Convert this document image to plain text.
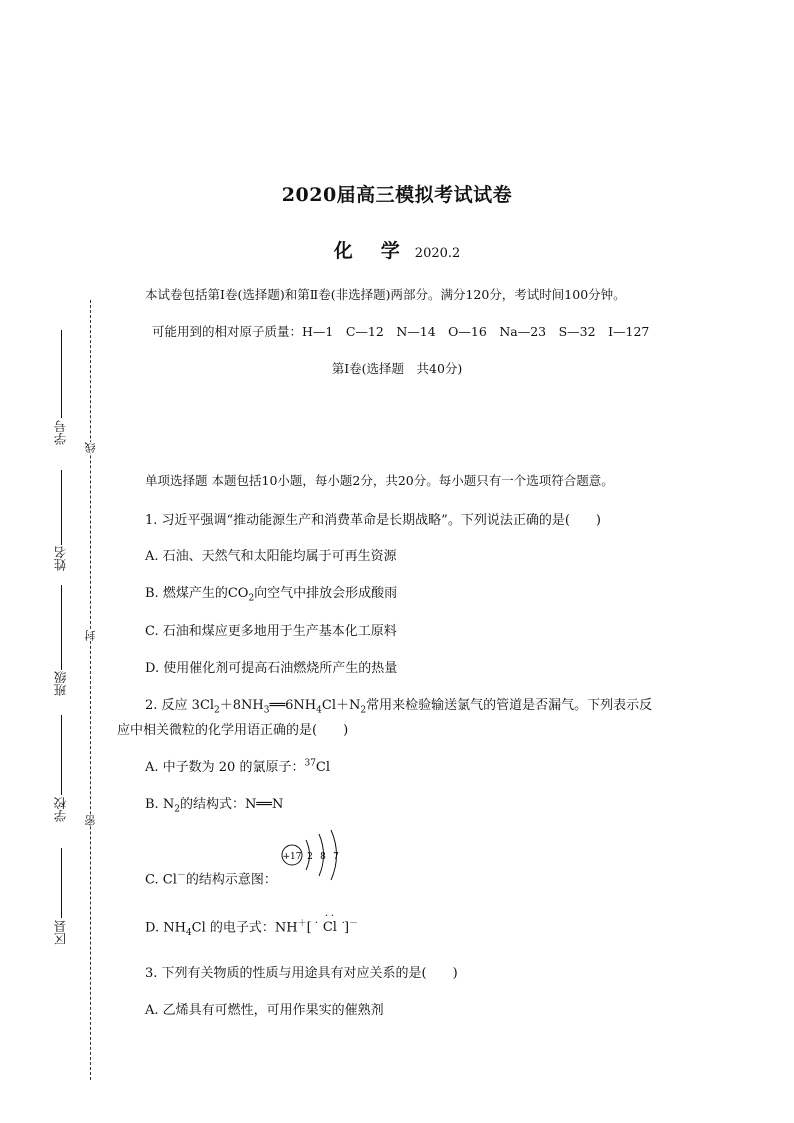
2020届高三模拟考试试卷
化学 2020.2
本试卷包括第Ⅰ卷(选择题)和第Ⅱ卷(非选择题)两部分。满分120分，考试时间100分钟。
可能用到的相对原子质量：H—1　C—12　N—14　O—16　Na—23　S—32　I—127
第Ⅰ卷(选择题　共40分)
学号
姓名
班级
学校
区县
线
封
密
单项选择题 本题包括10小题，每小题2分，共20分。每小题只有一个选项符合题意。
1. 习近平强调“推动能源生产和消费革命是长期战略”。下列说法正确的是(　　)
A. 石油、天然气和太阳能均属于可再生资源
B. 燃煤产生的$CO_2$向空气中排放会形成酸雨
C. 石油和煤应更多地用于生产基本化工原料
D. 使用催化剂可提高石油燃烧所产生的热量
2. 反应 $3Cl_2+8NH_3══6NH_4Cl+N_2$常用来检验输送氯气的管道是否漏气。下列表示反
应中相关微粒的化学用语正确的是(　　)
A. 中子数为 20 的氯原子：$^{37}$Cl
B. $N_2$的结构式：N══N
C. Cl－的结构示意图：
+17 2 8 7
D. $NH_4Cl$ 的电子式：NH＋[
· ·
· ·
Cl ]－
3. 下列有关物质的性质与用途具有对应关系的是(　　)
A. 乙烯具有可燃性，可用作果实的催熟剂
